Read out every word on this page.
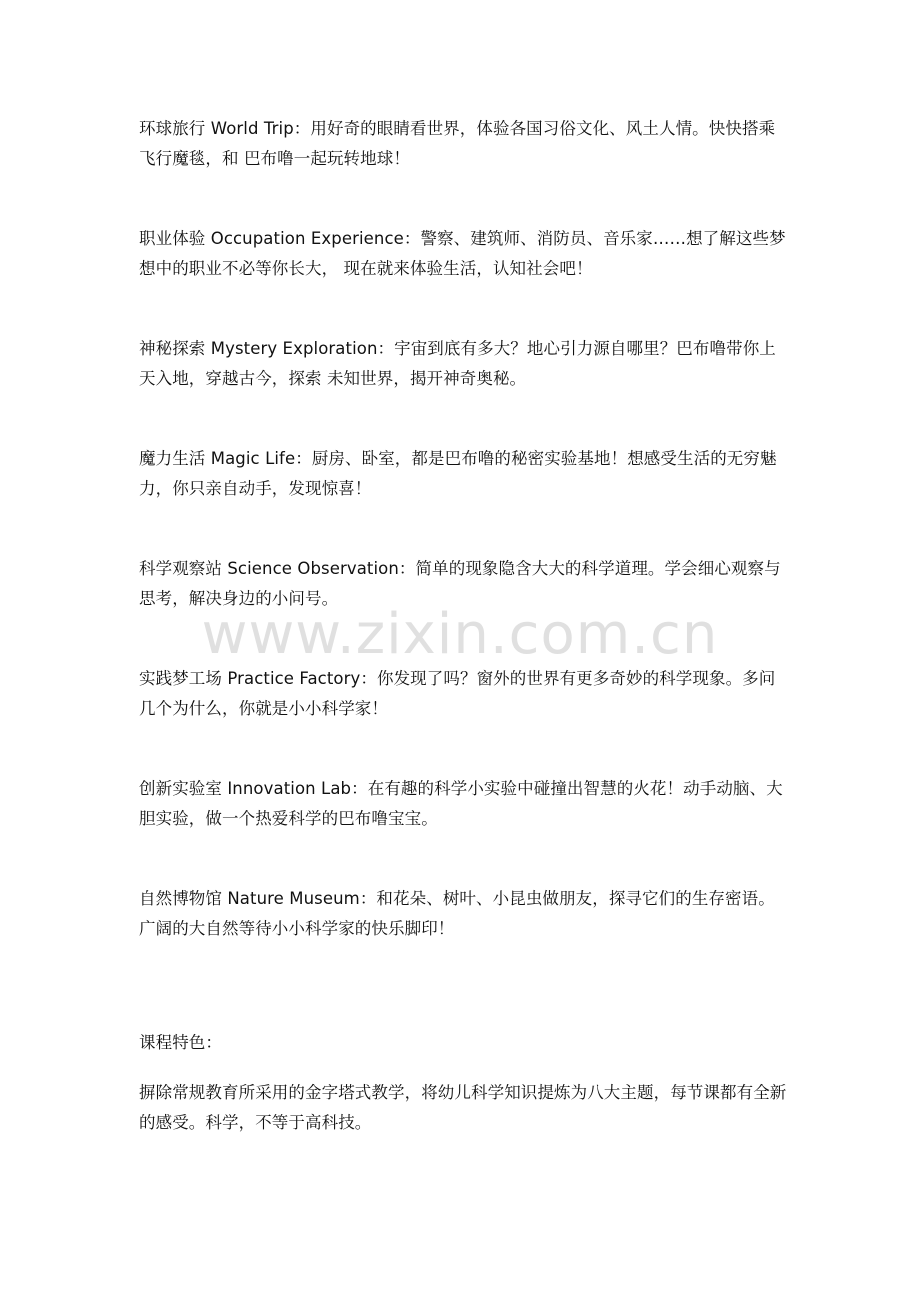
www.zixin.com.cn

环球旅行 World Trip：用好奇的眼睛看世界，体验各国习俗文化、风土人情。快快搭乘飞行魔毯，和 巴布噜一起玩转地球！

职业体验 Occupation Experience：警察、建筑师、消防员、音乐家……想了解这些梦想中的职业不必等你长大， 现在就来体验生活，认知社会吧！

神秘探索 Mystery Exploration：宇宙到底有多大？地心引力源自哪里？巴布噜带你上天入地，穿越古今，探索 未知世界，揭开神奇奥秘。

魔力生活 Magic Life：厨房、卧室，都是巴布噜的秘密实验基地！想感受生活的无穷魅力，你只亲自动手，发现惊喜！

科学观察站 Science Observation：简单的现象隐含大大的科学道理。学会细心观察与思考，解决身边的小问号。

实践梦工场 Practice Factory：你发现了吗？窗外的世界有更多奇妙的科学现象。多问几个为什么，你就是小小科学家！

创新实验室 Innovation Lab：在有趣的科学小实验中碰撞出智慧的火花！动手动脑、大胆实验，做一个热爱科学的巴布噜宝宝。

自然博物馆 Nature Museum：和花朵、树叶、小昆虫做朋友，探寻它们的生存密语。广阔的大自然等待小小科学家的快乐脚印！

课程特色：

摒除常规教育所采用的金字塔式教学，将幼儿科学知识提炼为八大主题，每节课都有全新的感受。科学，不等于高科技。
